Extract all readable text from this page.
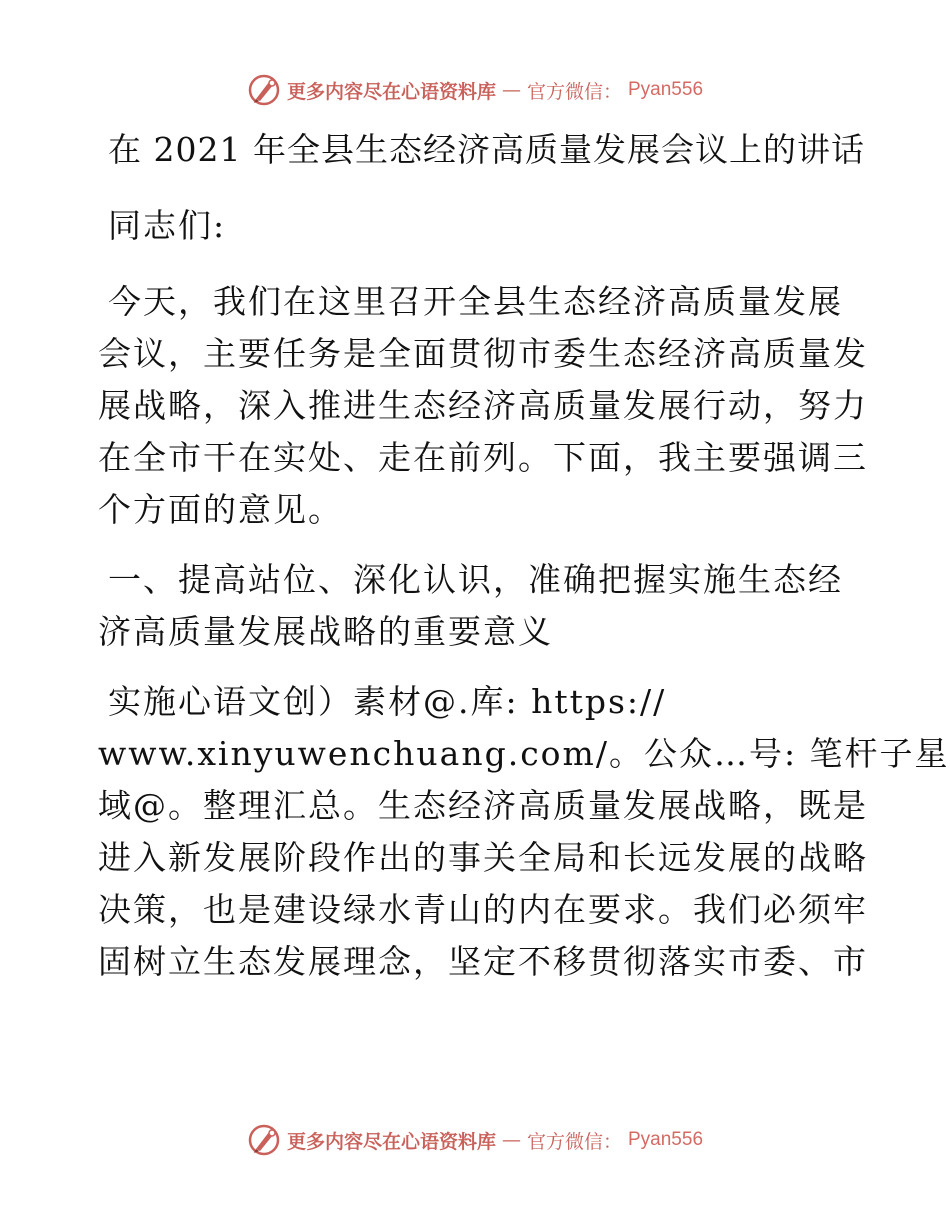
更多内容尽在心语资料库 — 官方微信： Pyan556
在 2021 年全县生态经济高质量发展会议上的讲话
同志们:
今天，我们在这里召开全县生态经济高质量发展
会议，主要任务是全面贯彻市委生态经济高质量发
展战略，深入推进生态经济高质量发展行动，努力
在全市干在实处、走在前列。下面，我主要强调三
个方面的意见。
一、提高站位、深化认识，准确把握实施生态经
济高质量发展战略的重要意义
实施心语文创）素材@.库: https://
www.xinyuwenchuang.com/。公众…号: 笔杆子星
域@。整理汇总。生态经济高质量发展战略，既是
进入新发展阶段作出的事关全局和长远发展的战略
决策，也是建设绿水青山的内在要求。我们必须牢
固树立生态发展理念，坚定不移贯彻落实市委、市
更多内容尽在心语资料库 — 官方微信： Pyan556
